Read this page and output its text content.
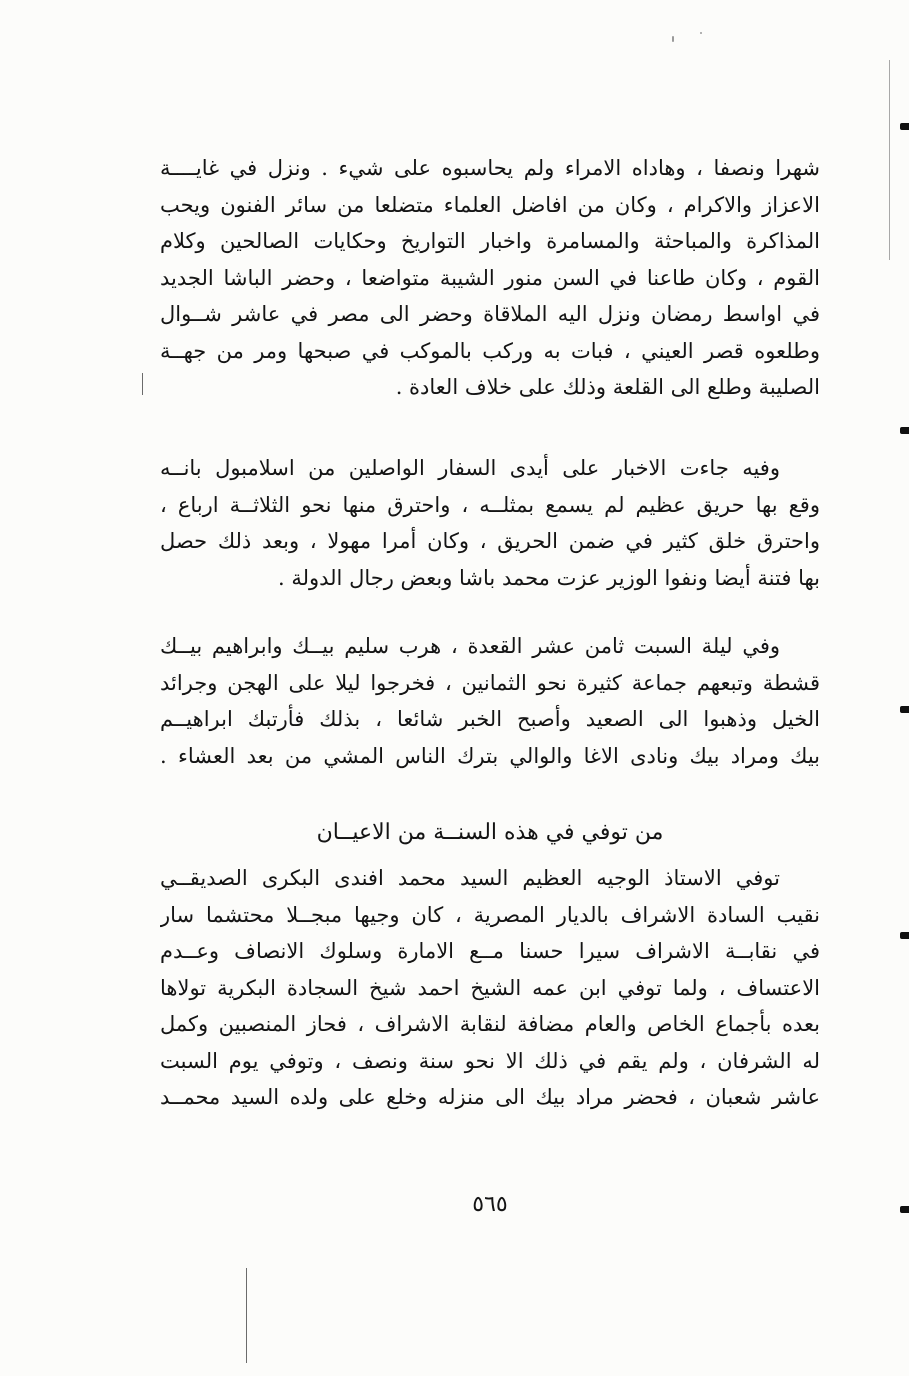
شهرا ونصفا ، وهاداه الامراء ولم يحاسبوه على شيء . ونزل في غايــــة
الاعزاز والاكرام ، وكان من افاضل العلماء متضلعا من سائر الفنون ويحب
المذاكرة والمباحثة والمسامرة واخبار التواريخ وحكايات الصالحين وكلام
القوم ، وكان طاعنا في السن منور الشيبة متواضعا ، وحضر الباشا الجديد
في اواسط رمضان ونزل اليه الملاقاة وحضر الى مصر في عاشر شــوال
وطلعوه قصر العيني ، فبات به وركب بالموكب في صبحها ومر من جهــة
الصليبة وطلع الى القلعة وذلك على خلاف العادة .
وفيه جاءت الاخبار على أيدى السفار الواصلين من اسلامبول بانــه
وقع بها حريق عظيم لم يسمع بمثلــه ، واحترق منها نحو الثلاثــة ارباع ،
واحترق خلق كثير في ضمن الحريق ، وكان أمرا مهولا ، وبعد ذلك حصل
بها فتنة أيضا ونفوا الوزير عزت محمد باشا وبعض رجال الدولة .
وفي ليلة السبت ثامن عشر القعدة ، هرب سليم بيــك وابراهيم بيــك
قشطة وتبعهم جماعة كثيرة نحو الثمانين ، فخرجوا ليلا على الهجن وجرائد
الخيل وذهبوا الى الصعيد وأصبح الخبر شائعا ، بذلك فأرتبك ابراهيــم
بيك ومراد بيك ونادى الاغا والوالي بترك الناس المشي من بعد العشاء .
من توفي في هذه السنــة من الاعيــان
توفي الاستاذ الوجيه العظيم السيد محمد افندى البكرى الصديقــي
نقيب السادة الاشراف بالديار المصرية ، كان وجيها مبجــلا محتشما سار
في نقابــة الاشراف سيرا حسنا مــع الامارة وسلوك الانصاف وعــدم
الاعتساف ، ولما توفي ابن عمه الشيخ احمد شيخ السجادة البكرية تولاها
بعده بأجماع الخاص والعام مضافة لنقابة الاشراف ، فحاز المنصبين وكمل
له الشرفان ، ولم يقم في ذلك الا نحو سنة ونصف ، وتوفي يوم السبت
عاشر شعبان ، فحضر مراد بيك الى منزله وخلع على ولده السيد محمــد
٥٦٥
